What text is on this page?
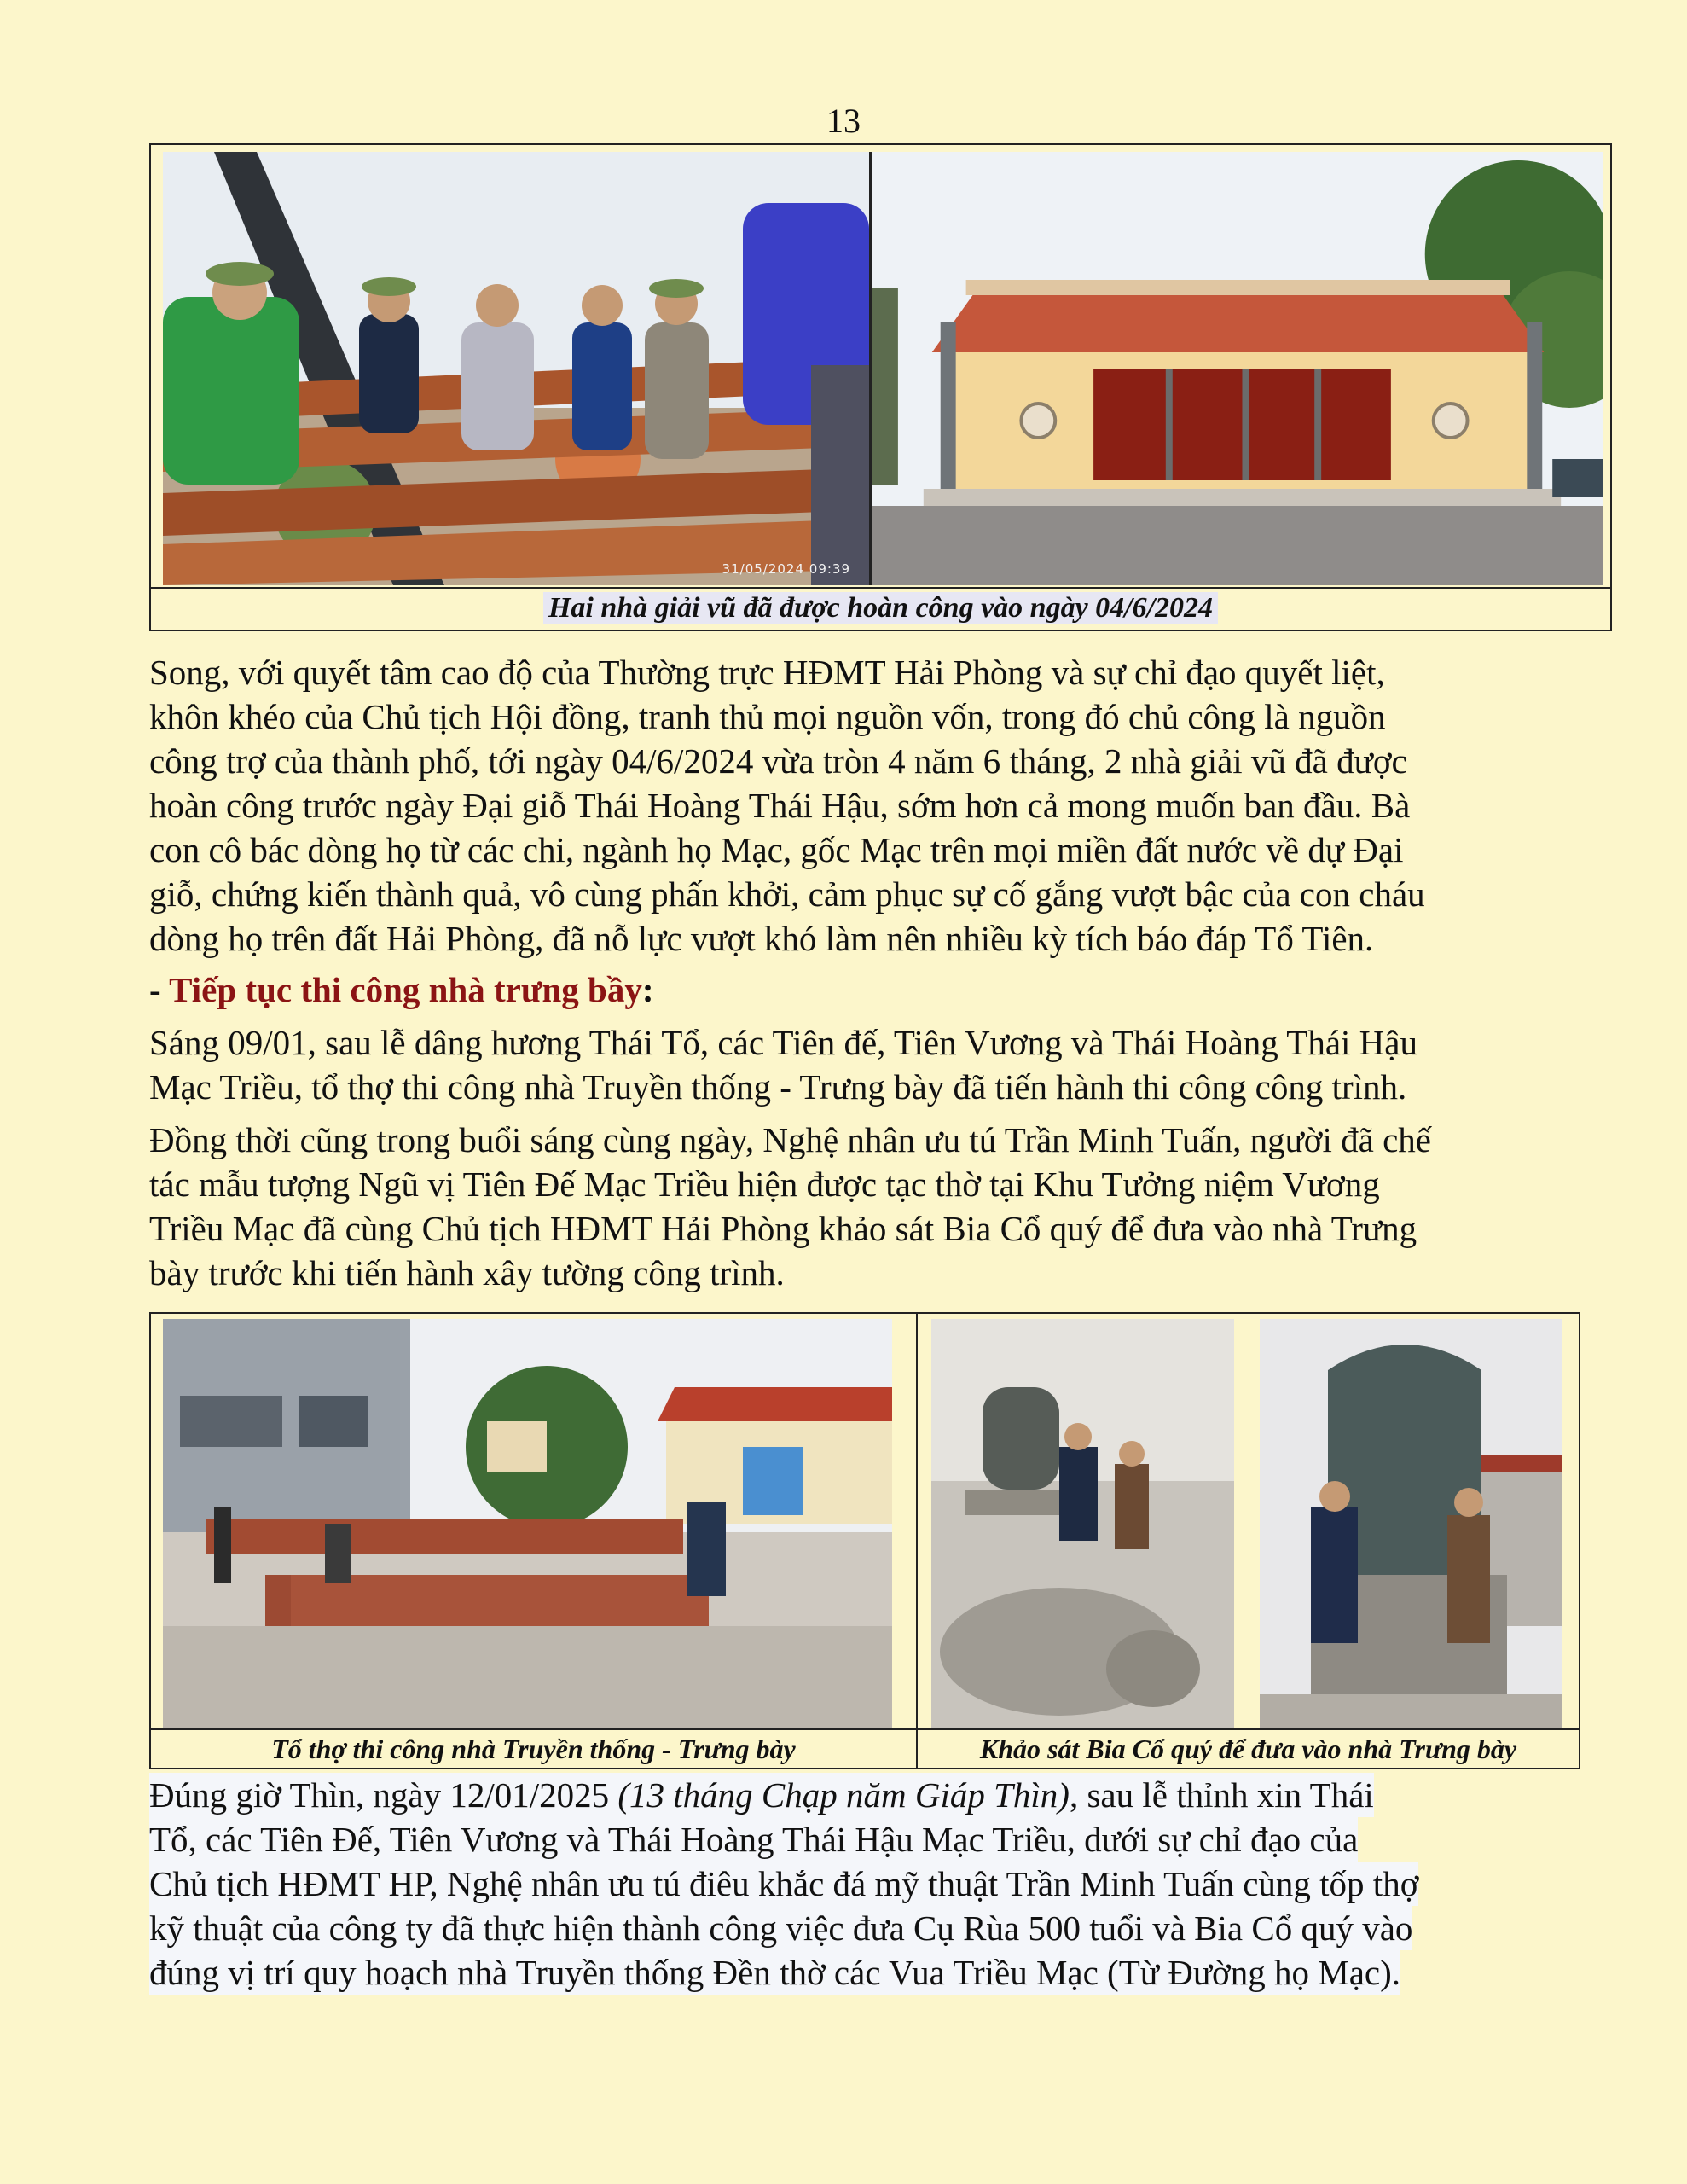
13
31/05/2024 09:39
Hai nhà giải vũ đã được hoàn công vào ngày 04/6/2024

Song, với quyết tâm cao độ của Thường trực HĐMT Hải Phòng và sự chỉ đạo quyết liệt,
khôn khéo của Chủ tịch Hội đồng, tranh thủ mọi nguồn vốn, trong đó chủ công là nguồn
công trợ của thành phố, tới ngày 04/6/2024 vừa tròn 4 năm 6 tháng, 2 nhà giải vũ đã được
hoàn công trước ngày Đại giỗ Thái Hoàng Thái Hậu, sớm hơn cả mong muốn ban đầu. Bà
con cô bác dòng họ từ các chi, ngành họ Mạc, gốc Mạc trên mọi miền đất nước về dự Đại
giỗ, chứng kiến thành quả, vô cùng phấn khởi, cảm phục sự cố gắng vượt bậc của con cháu
dòng họ trên đất Hải Phòng, đã nỗ lực vượt khó làm nên nhiều kỳ tích báo đáp Tổ Tiên.

- Tiếp tục thi công nhà trưng bầy:

Sáng 09/01, sau lễ dâng hương Thái Tổ, các Tiên đế, Tiên Vương và Thái Hoàng Thái Hậu
Mạc Triều, tổ thợ thi công nhà Truyền thống - Trưng bày đã tiến hành thi công công trình.

Đồng thời cũng trong buổi sáng cùng ngày, Nghệ nhân ưu tú Trần Minh Tuấn, người đã chế
tác mẫu tượng Ngũ vị Tiên Đế Mạc Triều hiện được tạc thờ tại Khu Tưởng niệm Vương
Triều Mạc đã cùng Chủ tịch HĐMT Hải Phòng khảo sát Bia Cổ quý để đưa vào nhà Trưng
bày trước khi tiến hành xây tường công trình.

Tổ thợ thi công nhà Truyền thống - Trưng bày	Khảo sát Bia Cổ quý để đưa vào nhà Trưng bày

Đúng giờ Thìn, ngày 12/01/2025 (13 tháng Chạp năm Giáp Thìn), sau lễ thỉnh xin Thái
Tổ, các Tiên Đế, Tiên Vương và Thái Hoàng Thái Hậu Mạc Triều, dưới sự chỉ đạo của
Chủ tịch HĐMT HP, Nghệ nhân ưu tú điêu khắc đá mỹ thuật Trần Minh Tuấn cùng tốp thợ
kỹ thuật của công ty đã thực hiện thành công việc đưa Cụ Rùa 500 tuổi và Bia Cổ quý vào
đúng vị trí quy hoạch nhà Truyền thống Đền thờ các Vua Triều Mạc (Từ Đường họ Mạc).
